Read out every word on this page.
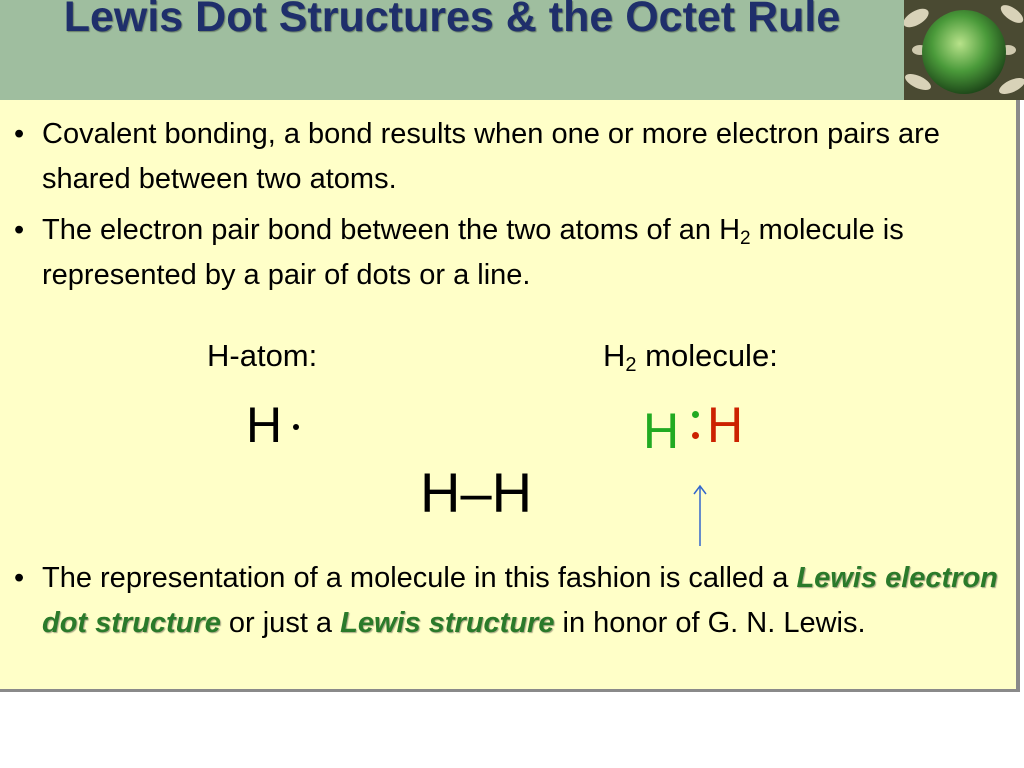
Lewis Dot Structures & the Octet Rule
• Covalent bonding, a bond results when one or more electron pairs are shared between two atoms.
• The electron pair bond between the two atoms of an $H_2$ molecule is represented by a pair of dots or a line.
H-atom:	$H_2$ molecule:
H
H–H
H H
• The representation of a molecule in this fashion is called a Lewis electron dot structure or just a Lewis structure in honor of G. N. Lewis.
